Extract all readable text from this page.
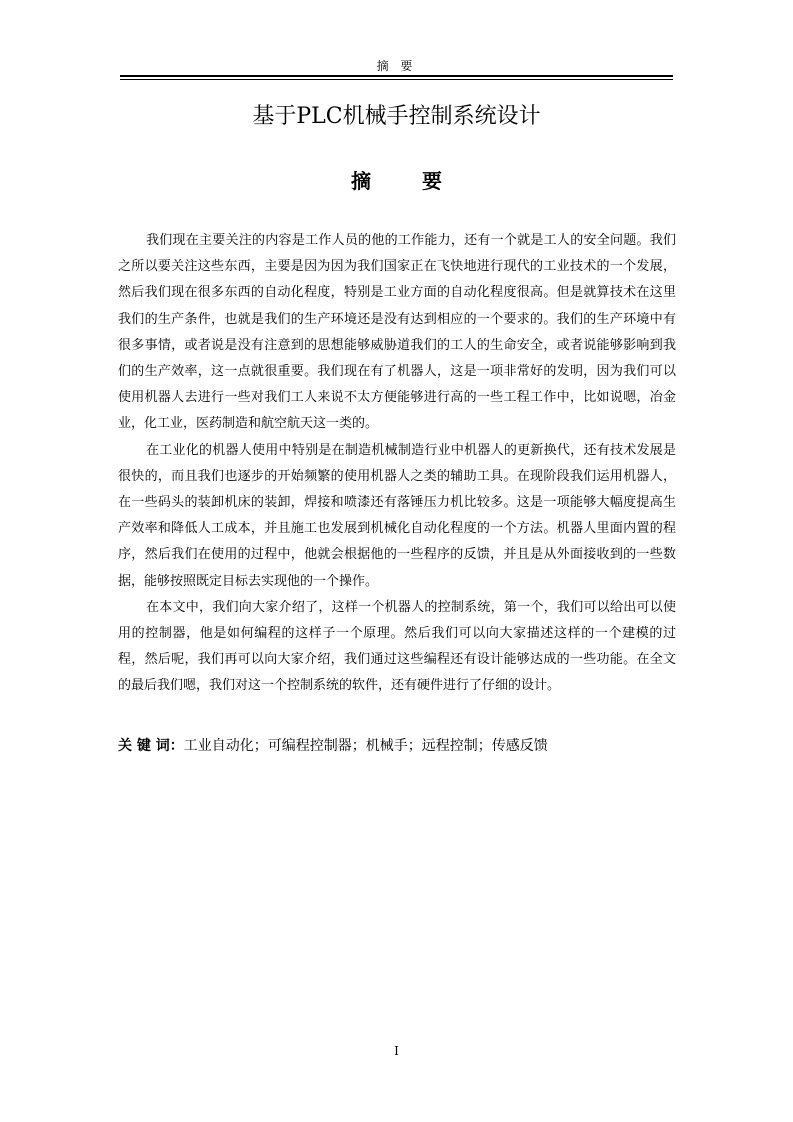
摘 要
基于PLC机械手控制系统设计
摘 要

我们现在主要关注的内容是工作人员的他的工作能力，还有一个就是工人的安全问题。我们之所以要关注这些东西，主要是因为因为我们国家正在飞快地进行现代的工业技术的一个发展，然后我们现在很多东西的自动化程度，特别是工业方面的自动化程度很高。但是就算技术在这里我们的生产条件，也就是我们的生产环境还是没有达到相应的一个要求的。我们的生产环境中有很多事情，或者说是没有注意到的思想能够威胁道我们的工人的生命安全，或者说能够影响到我们的生产效率，这一点就很重要。我们现在有了机器人，这是一项非常好的发明，因为我们可以使用机器人去进行一些对我们工人来说不太方便能够进行高的一些工程工作中，比如说嗯，冶金业，化工业，医药制造和航空航天这一类的。

在工业化的机器人使用中特别是在制造机械制造行业中机器人的更新换代，还有技术发展是很快的，而且我们也逐步的开始频繁的使用机器人之类的辅助工具。在现阶段我们运用机器人，在一些码头的装卸机床的装卸，焊接和喷漆还有落锤压力机比较多。这是一项能够大幅度提高生产效率和降低人工成本，并且施工也发展到机械化自动化程度的一个方法。机器人里面内置的程序，然后我们在使用的过程中，他就会根据他的一些程序的反馈，并且是从外面接收到的一些数据，能够按照既定目标去实现他的一个操作。

在本文中，我们向大家介绍了，这样一个机器人的控制系统，第一个，我们可以给出可以使用的控制器，他是如何编程的这样子一个原理。然后我们可以向大家描述这样的一个建模的过程，然后呢，我们再可以向大家介绍，我们通过这些编程还有设计能够达成的一些功能。在全文的最后我们嗯，我们对这一个控制系统的软件，还有硬件进行了仔细的设计。

关 键 词：工业自动化；可编程控制器；机械手；远程控制；传感反馈
I
